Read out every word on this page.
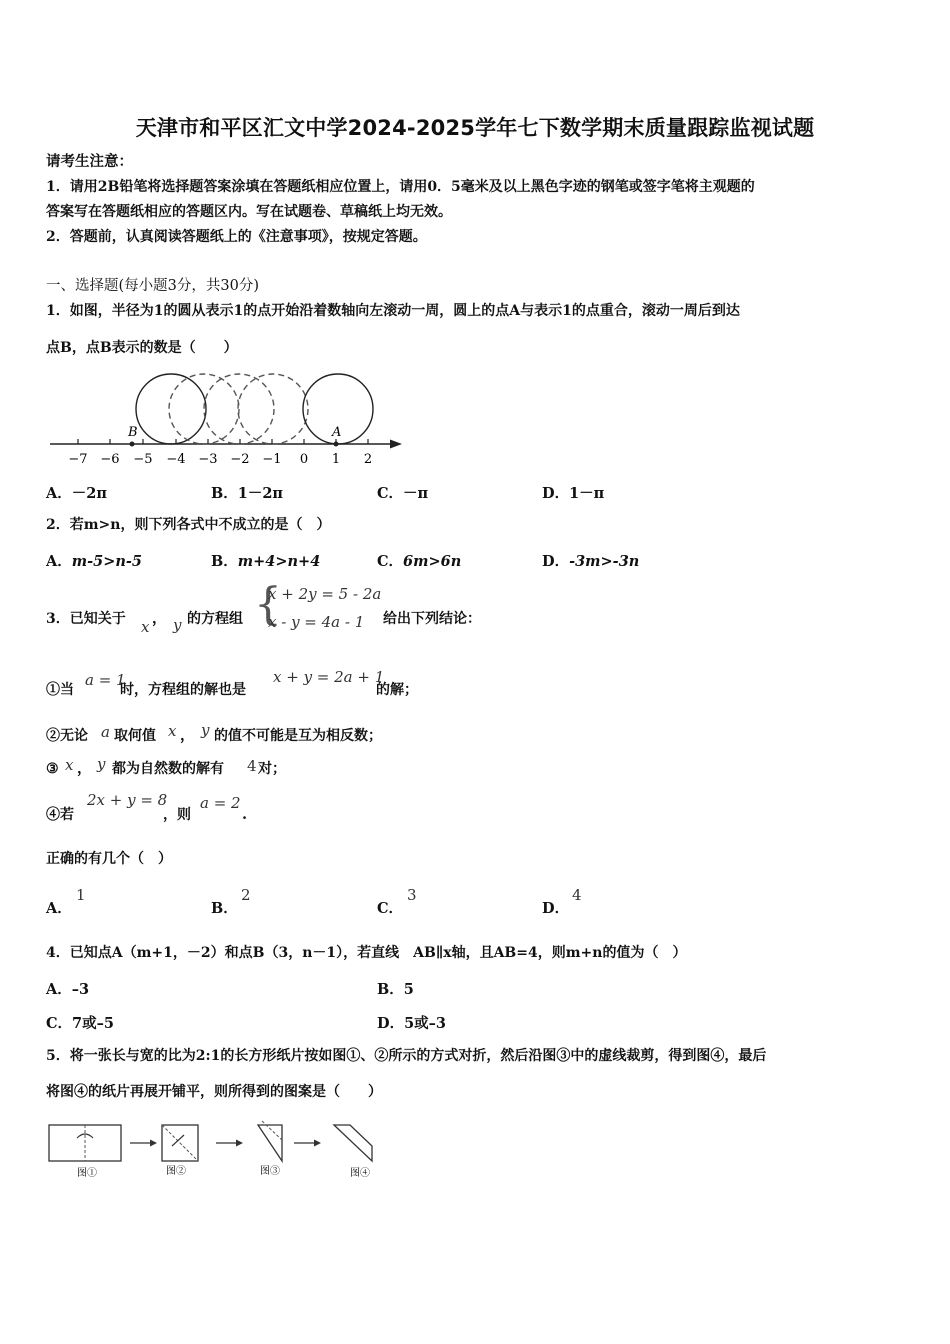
天津市和平区汇文中学2024-2025学年七下数学期末质量跟踪监视试题
请考生注意：
1．请用2B铅笔将选择题答案涂填在答题纸相应位置上，请用0．5毫米及以上黑色字迹的钢笔或签字笔将主观题的
答案写在答题纸相应的答题区内。写在试题卷、草稿纸上均无效。
2．答题前，认真阅读答题纸上的《注意事项》，按规定答题。
一、选择题(每小题3分，共30分)
1．如图，半径为1的圆从表示1的点开始沿着数轴向左滚动一周，圆上的点A与表示1的点重合，滚动一周后到达
点B，点B表示的数是（　　）
B	A
−7 −6 −5 −4 −3 −2 −1 0 1 2
A．－2π	B．1－2π	C．－π	D．1－π
2．若m>n，则下列各式中不成立的是（　）
A．m-5>n-5	B．m+4>n+4	C．6m>6n	D．-3m>-3n
3．已知关于 x ， y 的方程组 {
x + 2y = 5 - 2a
x - y = 4a - 1 给出下列结论：
①当
a = 1
时，方程组的解也是
x + y = 2a + 1
的解；
②无论 a 取何值 x ， y 的值不可能是互为相反数；
③ x ， y 都为自然数的解有 4 对；
④若
2x + y = 8
，则
a = 2
.
正确的有几个（　）
A．
1
B．
2
C．
3
D．
4
4．已知点A（m+1，－2）和点B（3，n－1），若直线　AB∥x轴，且AB=4，则m+n的值为（　）
A．–3	B．5
C．7或–5	D．5或–3
5．将一张长与宽的比为2:1的长方形纸片按如图①、②所示的方式对折，然后沿图③中的虚线裁剪，得到图④，最后
将图④的纸片再展开铺平，则所得到的图案是（　　）
图①	图②	图③	图④
